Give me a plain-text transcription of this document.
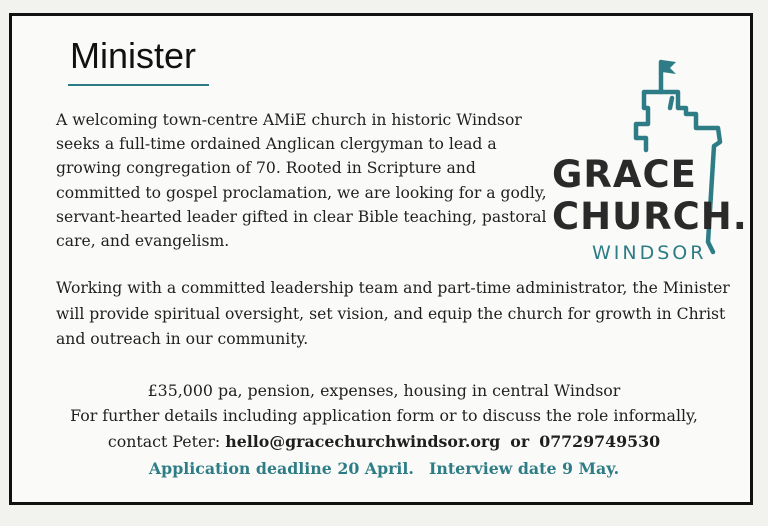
Minister

A welcoming town-centre AMiE church in historic Windsor seeks a full-time ordained Anglican clergyman to lead a growing congregation of 70. Rooted in Scripture and committed to gospel proclamation, we are looking for a godly, servant-hearted leader gifted in clear Bible teaching, pastoral care, and evangelism.

GRACE
CHURCH.
WINDSOR

Working with a committed leadership team and part-time administrator, the Minister will provide spiritual oversight, set vision, and equip the church for growth in Christ and outreach in our community.

£35,000 pa, pension, expenses, housing in central Windsor
For further details including application form or to discuss the role informally,
contact Peter: hello@gracechurchwindsor.org or 07729749530
Application deadline 20 April. Interview date 9 May.
